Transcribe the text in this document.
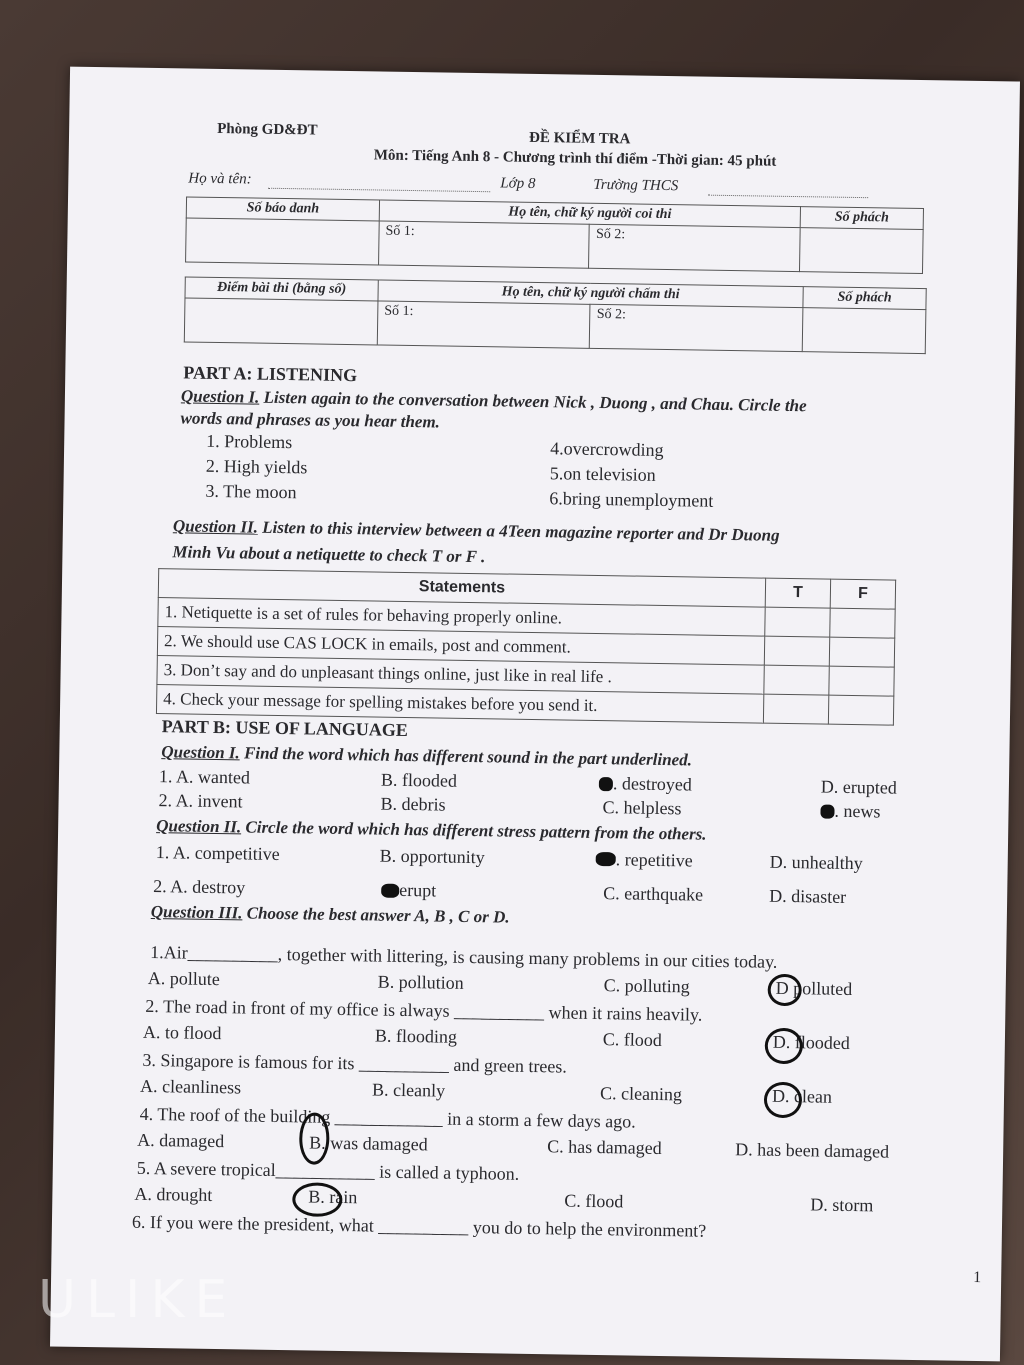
Phòng GD&ĐT
ĐỀ KIỂM TRA
Môn: Tiếng Anh 8 - Chương trình thí điểm -Thời gian: 45 phút
Họ và tên:	Lớp 8	Trường THCS
Số báo danh	Họ tên, chữ ký người coi thi		Số phách
	Số 1:	Số 2:	
Điểm bài thi (bằng số)	Họ tên, chữ ký người chấm thi		Số phách
	Số 1:	Số 2:	
PART A: LISTENING
Question I. Listen again to the conversation between Nick , Duong , and Chau. Circle the
words and phrases as you hear them.
1. Problems
2. High yields
3. The moon
4.overcrowding
5.on television
6.bring unemployment
Question II. Listen to this interview between a 4Teen magazine reporter and Dr Duong
Minh Vu about a netiquette to check T or F .
Statements	T	F
1. Netiquette is a set of rules for behaving properly online.		
2. We should use CAS LOCK in emails, post and comment.		
3. Don’t say and do unpleasant things online, just like in real life .		
4. Check your message for spelling mistakes before you send it.		
PART B: USE OF LANGUAGE
Question I. Find the word which has different sound in the part underlined.
1. A. wanted	B. flooded	. destroyed	D. erupted
2. A. invent	B. debris	C. helpless	. news
Question II. Circle the word which has different stress pattern from the others.
1. A. competitive	B. opportunity	. repetitive	D. unhealthy
2. A. destroy	erupt	C. earthquake	D. disaster
Question III. Choose the best answer A, B , C or D.
1.Air__________, together with littering, is causing many problems in our cities today.
A. pollute	B. pollution	C. polluting	D polluted
2. The road in front of my office is always __________ when it rains heavily.
A. to flood	B. flooding	C. flood	D. flooded
3. Singapore is famous for its __________ and green trees.
A. cleanliness	B. cleanly	C. cleaning	D. clean
4. The roof of the building ____________ in a storm a few days ago.
A. damaged	B. was damaged	C. has damaged	D. has been damaged
5. A severe tropical___________ is called a typhoon.
A. drought	B. rain	C. flood	D. storm
6. If you were the president, what __________ you do to help the environment?
1
ULIKE
